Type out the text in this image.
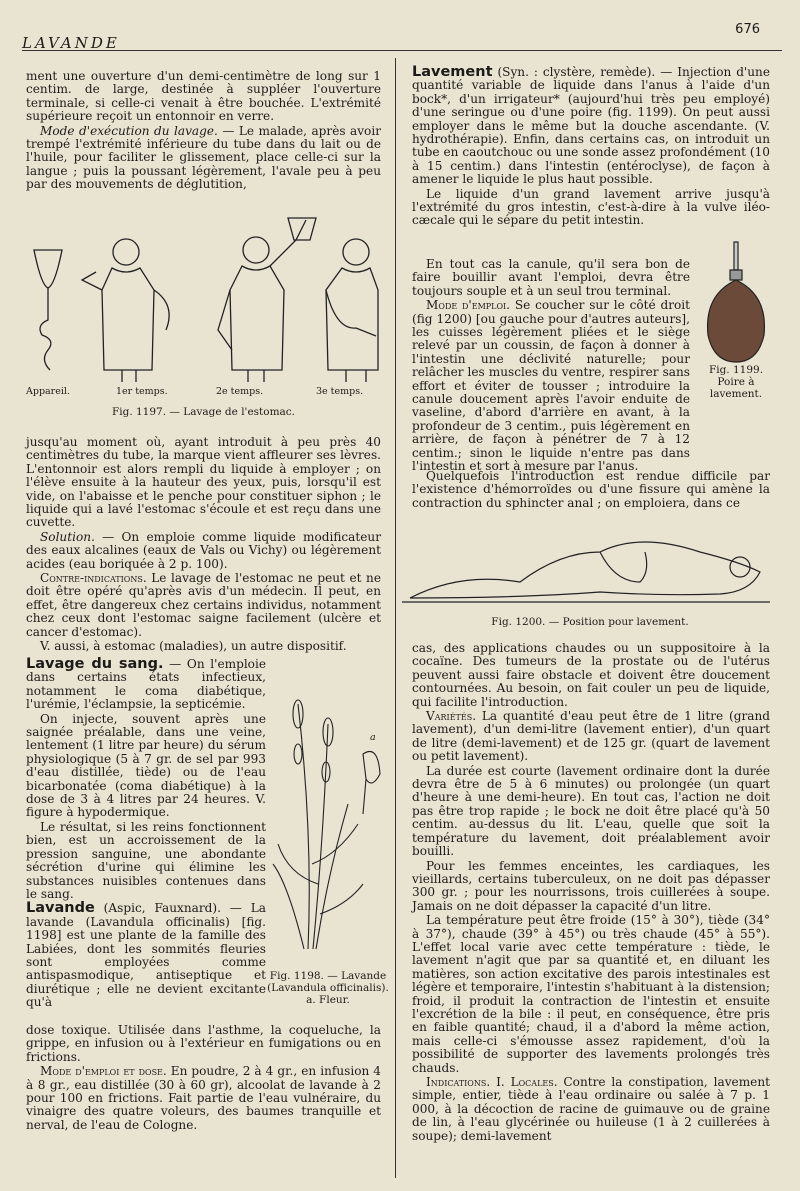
LAVANDE
676

ment une ouverture d'un demi-centimètre de long sur 1 centim. de large, destinée à suppléer l'ouverture terminale, si celle-ci venait à être bouchée. L'extrémité supérieure reçoit un entonnoir en verre.

Mode d'exécution du lavage. — Le malade, après avoir trempé l'extrémité inférieure du tube dans du lait ou de l'huile, pour faciliter le glissement, place celle-ci sur la langue ; puis la poussant légèrement, l'avale peu à peu par des mouvements de déglutition,

Appareil.	1er temps.	2e temps.	3e temps.
Fig. 1197. — Lavage de l'estomac.

jusqu'au moment où, ayant introduit à peu près 40 centimètres du tube, la marque vient affleurer ses lèvres. L'entonnoir est alors rempli du liquide à employer ; on l'élève ensuite à la hauteur des yeux, puis, lorsqu'il est vide, on l'abaisse et le penche pour constituer siphon ; le liquide qui a lavé l'estomac s'écoule et est reçu dans une cuvette.

Solution. — On emploie comme liquide modificateur des eaux alcalines (eaux de Vals ou Vichy) ou légèrement acides (eau boriquée à 2 p. 100).

Contre-indications. Le lavage de l'estomac ne peut et ne doit être opéré qu'après avis d'un médecin. Il peut, en effet, être dangereux chez certains individus, notamment chez ceux dont l'estomac saigne facilement (ulcère et cancer d'estomac).

V. aussi, à estomac (maladies), un autre dispositif.

Lavage du sang. — On l'emploie dans certains états infectieux, notamment le coma diabétique, l'urémie, l'éclampsie, la septicémie.

On injecte, souvent après une saignée préalable, dans une veine, lentement (1 litre par heure) du sérum physiologique (5 à 7 gr. de sel par 993 d'eau distillée, tiède) ou de l'eau bicarbonatée (coma diabétique) à la dose de 3 à 4 litres par 24 heures. V. figure à hypodermique.

Le résultat, si les reins fonctionnent bien, est un accroissement de la pression sanguine, une abondante sécrétion d'urine qui élimine les substances nuisibles contenues dans le sang.

Lavande (Aspic, Fauxnard). — La lavande (Lavandula officinalis) [fig. 1198] est une plante de la famille des Labiées, dont les sommités fleuries sont employées comme antispasmodique, antiseptique et diurétique ; elle ne devient excitante qu'à

a
Fig. 1198. — Lavande (Lavandula officinalis).
a. Fleur.

dose toxique. Utilisée dans l'asthme, la coqueluche, la grippe, en infusion ou à l'extérieur en fumigations ou en frictions.

Mode d'emploi et dose. En poudre, 2 à 4 gr., en infusion 4 à 8 gr., eau distillée (30 à 60 gr), alcoolat de lavande à 2 pour 100 en frictions. Fait partie de l'eau vulnéraire, du vinaigre des quatre voleurs, des baumes tranquille et nerval, de l'eau de Cologne.

Lavement (Syn. : clystère, remède). — Injection d'une quantité variable de liquide dans l'anus à l'aide d'un bock*, d'un irrigateur* (aujourd'hui très peu employé) d'une seringue ou d'une poire (fig. 1199). On peut aussi employer dans le même but la douche ascendante. (V. hydrothérapie). Enfin, dans certains cas, on introduit un tube en caoutchouc ou une sonde assez profondément (10 à 15 centim.) dans l'intestin (entéroclyse), de façon à amener le liquide le plus haut possible.

Le liquide d'un grand lavement arrive jusqu'à l'extrémité du gros intestin, c'est-à-dire à la vulve iléo-cæcale qui le sépare du petit intestin.

En tout cas la canule, qu'il sera bon de faire bouillir avant l'emploi, devra être toujours souple et à un seul trou terminal.

Mode d'emploi. Se coucher sur le côté droit (fig 1200) [ou gauche pour d'autres auteurs], les cuisses légèrement pliées et le siège relevé par un coussin, de façon à donner à l'intestin une déclivité naturelle; pour relâcher les muscles du ventre, respirer sans effort et éviter de tousser ; introduire la canule doucement après l'avoir enduite de vaseline, d'abord d'arrière en avant, à la profondeur de 3 centim., puis légèrement en arrière, de façon à pénétrer de 7 à 12 centim.; sinon le liquide n'entre pas dans l'intestin et sort à mesure par l'anus.

Fig. 1199. Poire à lavement.

Quelquefois l'introduction est rendue difficile par l'existence d'hémorroïdes ou d'une fissure qui amène la contraction du sphincter anal ; on emploiera, dans ce

Fig. 1200. — Position pour lavement.

cas, des applications chaudes ou un suppositoire à la cocaïne. Des tumeurs de la prostate ou de l'utérus peuvent aussi faire obstacle et doivent être doucement contournées. Au besoin, on fait couler un peu de liquide, qui facilite l'introduction.

Variétés. La quantité d'eau peut être de 1 litre (grand lavement), d'un demi-litre (lavement entier), d'un quart de litre (demi-lavement) et de 125 gr. (quart de lavement ou petit lavement).

La durée est courte (lavement ordinaire dont la durée devra être de 5 à 6 minutes) ou prolongée (un quart d'heure à une demi-heure). En tout cas, l'action ne doit pas être trop rapide ; le bock ne doit être placé qu'à 50 centim. au-dessus du lit. L'eau, quelle que soit la température du lavement, doit préalablement avoir bouilli.

Pour les femmes enceintes, les cardiaques, les vieillards, certains tuberculeux, on ne doit pas dépasser 300 gr. ; pour les nourrissons, trois cuillerées à soupe. Jamais on ne doit dépasser la capacité d'un litre.

La température peut être froide (15° à 30°), tiède (34° à 37°), chaude (39° à 45°) ou très chaude (45° à 55°). L'effet local varie avec cette température : tiède, le lavement n'agit que par sa quantité et, en diluant les matières, son action excitative des parois intestinales est légère et temporaire, l'intestin s'habituant à la distension; froid, il produit la contraction de l'intestin et ensuite l'excrétion de la bile : il peut, en conséquence, être pris en faible quantité; chaud, il a d'abord la même action, mais celle-ci s'émousse assez rapidement, d'où la possibilité de supporter des lavements prolongés très chauds.

Indications. I. Locales. Contre la constipation, lavement simple, entier, tiède à l'eau ordinaire ou salée à 7 p. 1 000, à la décoction de racine de guimauve ou de graine de lin, à l'eau glycérinée ou huileuse (1 à 2 cuillerées à soupe); demi-lavement
